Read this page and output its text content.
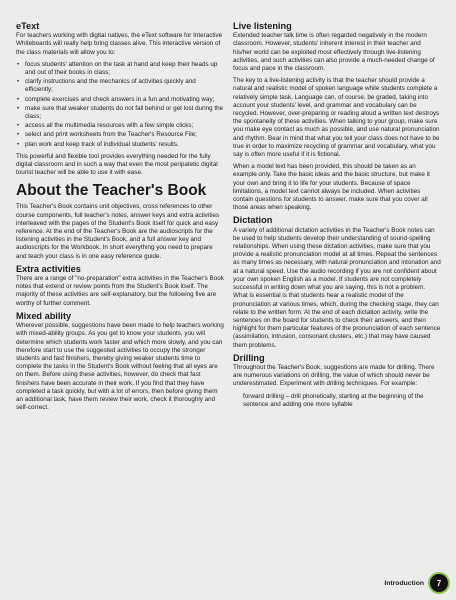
eText

For teachers working with digital natives, the eText software for Interactive Whiteboards will really help bring classes alive. This interactive version of the class materials will allow you to:

• focus students' attention on the task at hand and keep their heads up and out of their books in class;
• clarify instructions and the mechanics of activities quickly and efficiently;
• complete exercises and check answers in a fun and motivating way;
• make sure that weaker students do not fall behind or get lost during the class;
• access all the multimedia resources with a few simple clicks;
• select and print worksheets from the Teacher's Resource File;
• plan work and keep track of individual students' results.

This powerful and flexible tool provides everything needed for the fully digital classroom and in such a way that even the most peripatetic digital tourist teacher will be able to use it with ease.

About the Teacher's Book

This Teacher's Book contains unit objectives, cross references to other course components, full teacher's notes, answer keys and extra activities interleaved with the pages of the Student's Book itself for quick and easy reference. At the end of the Teacher's Book are the audioscripts for the listening activities in the Student's Book, and a full answer key and audioscripts for the Workbook. In short everything you need to prepare and teach your class is in one easy reference guide.

Extra activities

There are a range of "no-preparation" extra activities in the Teacher's Book notes that extend or review points from the Student's Book itself. The majority of these activities are self-explanatory, but the following five are worthy of further comment.

Mixed ability

Wherever possible, suggestions have been made to help teachers working with mixed-ability groups. As you get to know your students, you will determine which students work faster and which more slowly, and you can therefore start to use the suggested activities to occupy the stronger students and fast finishers, thereby giving weaker students time to complete the tasks in the Student's Book without feeling that all eyes are on them. Before using these activities, however, do check that fast finishers have been accurate in their work. If you find that they have completed a task quickly, but with a lot of errors, then before giving them an additional task, have them review their work, check it thoroughly and self-correct.

Live listening

Extended teacher talk time is often regarded negatively in the modern classroom. However, students' inherent interest in their teacher and his/her world can be exploited most effectively through live-listening activities, and such activities can also provide a much-needed change of focus and pace in the classroom.

The key to a live-listening activity is that the teacher should provide a natural and realistic model of spoken language while students complete a relatively simple task. Language can, of course, be graded, taking into account your students' level, and grammar and vocabulary can be recycled. However, over-preparing or reading aloud a written text destroys the spontaneity of these activities. When talking to your group, make sure you make eye contact as much as possible, and use natural pronunciation and rhythm. Bear in mind that what you tell your class does not have to be true in order to maximize recycling of grammar and vocabulary, what you say is often more useful if it is fictional.

When a model text has been provided, this should be taken as an example only. Take the basic ideas and the basic structure, but make it your own and bring it to life for your students. Because of space limitations, a model text cannot always be included. When activities contain questions for students to answer, make sure that you cover all those areas when speaking.

Dictation

A variety of additional dictation activities in the Teacher's Book notes can be used to help students develop their understanding of sound-spelling relationships. When using these dictation activities, make sure that you provide a realistic pronunciation model at all times. Repeat the sentences as many times as necessary, with natural pronunciation and intonation and at a natural speed. Use the audio recording if you are not confident about your own spoken English as a model. If students are not completely successful in writing down what you are saying, this is not a problem. What is essential is that students hear a realistic model of the pronunciation at various times, which, during the checking stage, they can relate to the written form. At the end of each dictation activity, write the sentences on the board for students to check their answers, and then highlight for them particular features of the pronunciation of each sentence (assimilation, intrusion, consonant clusters, etc.) that may have caused them problems.

Drilling

Throughout the Teacher's Book, suggestions are made for drilling. There are numerous variations on drilling, the value of which should never be underestimated. Experiment with drilling techniques. For example:

forward drilling – drill phonetically, starting at the beginning of the sentence and adding one more syllable

Introduction	7
